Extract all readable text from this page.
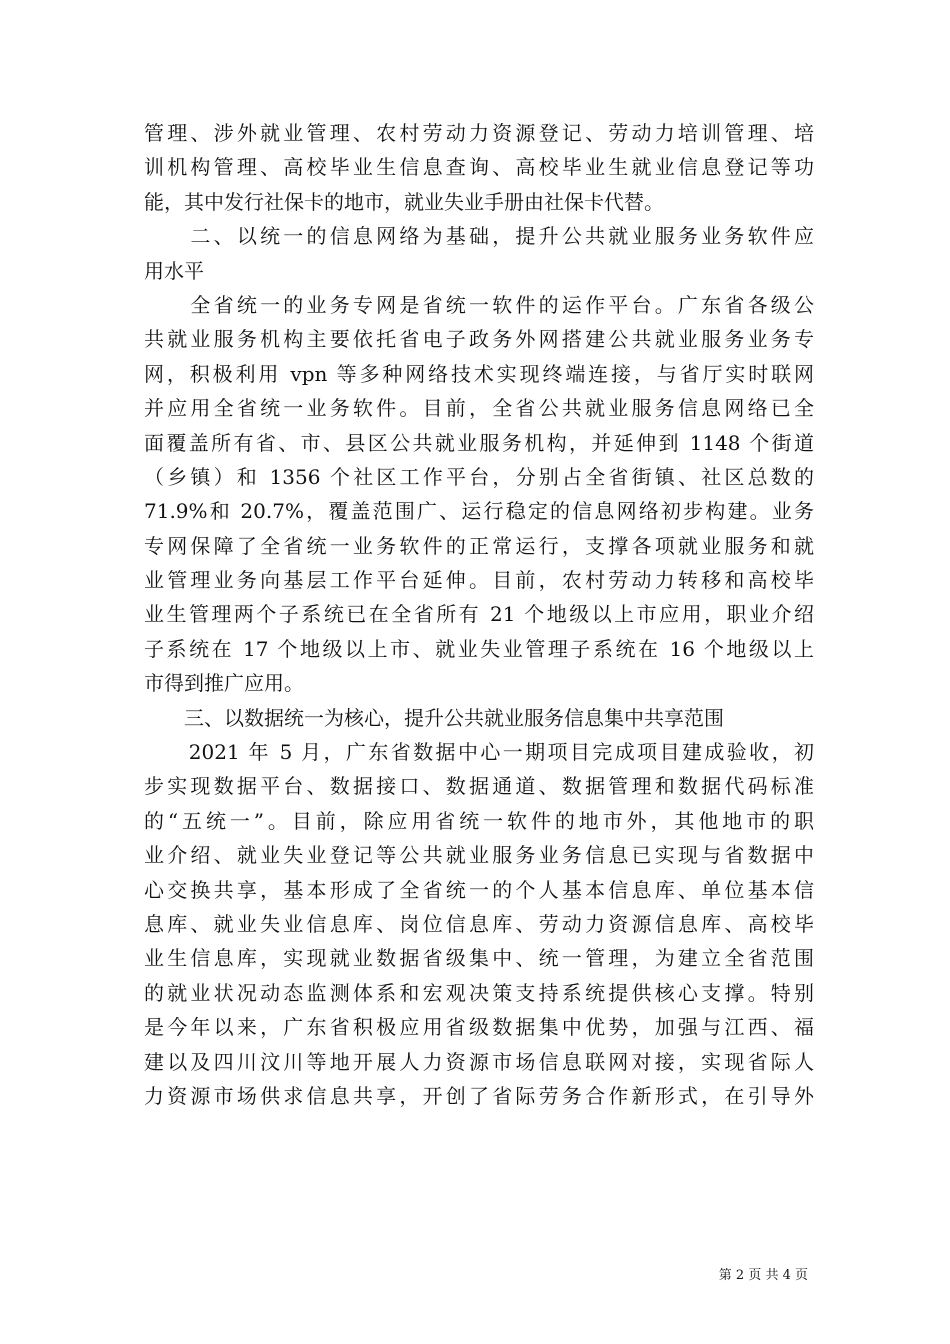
管理、涉外就业管理、农村劳动力资源登记、劳动力培训管理、培
训机构管理、高校毕业生信息查询、高校毕业生就业信息登记等功
能，其中发行社保卡的地市，就业失业手册由社保卡代替。
　　二、以统一的信息网络为基础，提升公共就业服务业务软件应
用水平
　　全省统一的业务专网是省统一软件的运作平台。广东省各级公
共就业服务机构主要依托省电子政务外网搭建公共就业服务业务专
网，积极利用 vpn 等多种网络技术实现终端连接，与省厅实时联网
并应用全省统一业务软件。目前，全省公共就业服务信息网络已全
面覆盖所有省、市、县区公共就业服务机构，并延伸到 1148 个街道
（乡镇）和 1356 个社区工作平台，分别占全省街镇、社区总数的
71.9%和 20.7%，覆盖范围广、运行稳定的信息网络初步构建。业务
专网保障了全省统一业务软件的正常运行，支撑各项就业服务和就
业管理业务向基层工作平台延伸。目前，农村劳动力转移和高校毕
业生管理两个子系统已在全省所有 21 个地级以上市应用，职业介绍
子系统在 17 个地级以上市、就业失业管理子系统在 16 个地级以上
市得到推广应用。
　　三、以数据统一为核心，提升公共就业服务信息集中共享范围
　　2021 年 5 月，广东省数据中心一期项目完成项目建成验收，初
步实现数据平台、数据接口、数据通道、数据管理和数据代码标准
的“五统一”。目前，除应用省统一软件的地市外，其他地市的职
业介绍、就业失业登记等公共就业服务业务信息已实现与省数据中
心交换共享，基本形成了全省统一的个人基本信息库、单位基本信
息库、就业失业信息库、岗位信息库、劳动力资源信息库、高校毕
业生信息库，实现就业数据省级集中、统一管理，为建立全省范围
的就业状况动态监测体系和宏观决策支持系统提供核心支撑。特别
是今年以来，广东省积极应用省级数据集中优势，加强与江西、福
建以及四川汶川等地开展人力资源市场信息联网对接，实现省际人
力资源市场供求信息共享，开创了省际劳务合作新形式，在引导外
第 2 页 共 4 页
